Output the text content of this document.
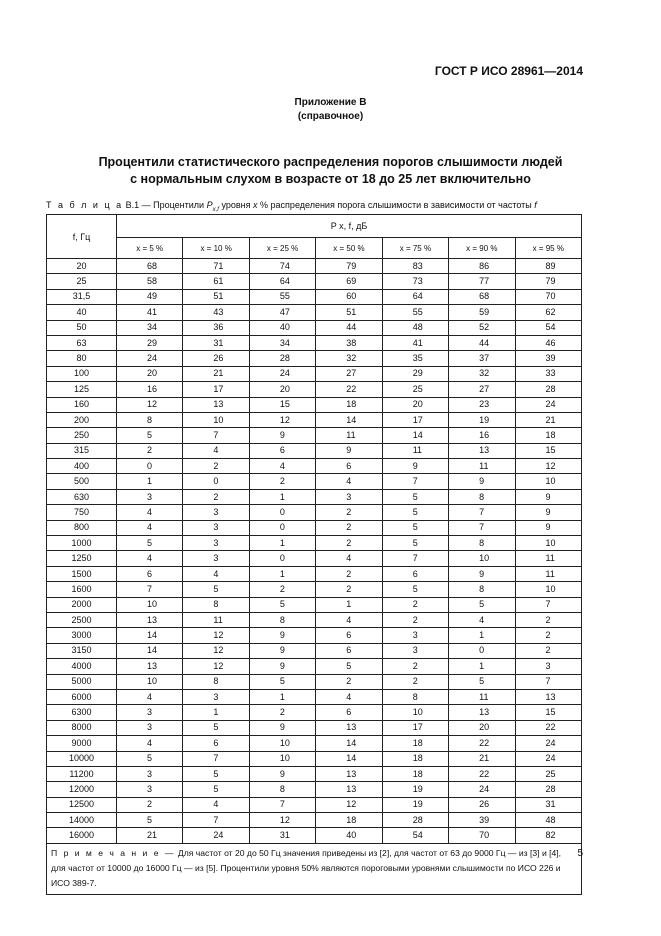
ГОСТ Р ИСО 28961—2014
Приложение В
(справочное)
Процентили статистического распределения порогов слышимости людей
с нормальным слухом в возрасте от 18 до 25 лет включительно
Т а б л и ц а В.1 — Процентили $P_{x,f}$ уровня x % распределения порога слышимости в зависимости от частоты f
f, Гц	P x, f, дБ						
	x = 5 %	x = 10 %	x = 25 %	x = 50 %	x = 75 %	x = 90 %	x = 95 %
20	68	71	74	79	83	86	89
25	58	61	64	69	73	77	79
31,5	49	51	55	60	64	68	70
40	41	43	47	51	55	59	62
50	34	36	40	44	48	52	54
63	29	31	34	38	41	44	46
80	24	26	28	32	35	37	39
100	20	21	24	27	29	32	33
125	16	17	20	22	25	27	28
160	12	13	15	18	20	23	24
200	8	10	12	14	17	19	21
250	5	7	9	11	14	16	18
315	2	4	6	9	11	13	15
400	0	2	4	6	9	11	12
500	1	0	2	4	7	9	10
630	3	2	1	3	5	8	9
750	4	3	0	2	5	7	9
800	4	3	0	2	5	7	9
1000	5	3	1	2	5	8	10
1250	4	3	0	4	7	10	11
1500	6	4	1	2	6	9	11
1600	7	5	2	2	5	8	10
2000	10	8	5	1	2	5	7
2500	13	11	8	4	2	4	2
3000	14	12	9	6	3	1	2
3150	14	12	9	6	3	0	2
4000	13	12	9	5	2	1	3
5000	10	8	5	2	2	5	7
6000	4	3	1	4	8	11	13
6300	3	1	2	6	10	13	15
8000	3	5	9	13	17	20	22
9000	4	6	10	14	18	22	24
10000	5	7	10	14	18	21	24
11200	3	5	9	13	18	22	25
12000	3	5	8	13	19	24	28
12500	2	4	7	12	19	26	31
14000	5	7	12	18	28	39	48
16000	21	24	31	40	54	70	82
П р и м е ч а н и е — Для частот от 20 до 50 Гц значения приведены из [2], для частот от 63 до 9000 Гц — из [3] и [4], для частот от 10000 до 16000 Гц — из [5]. Процентили уровня 50% являются пороговыми уровнями слышимости по ИСО 226 и ИСО 389-7.							
5
